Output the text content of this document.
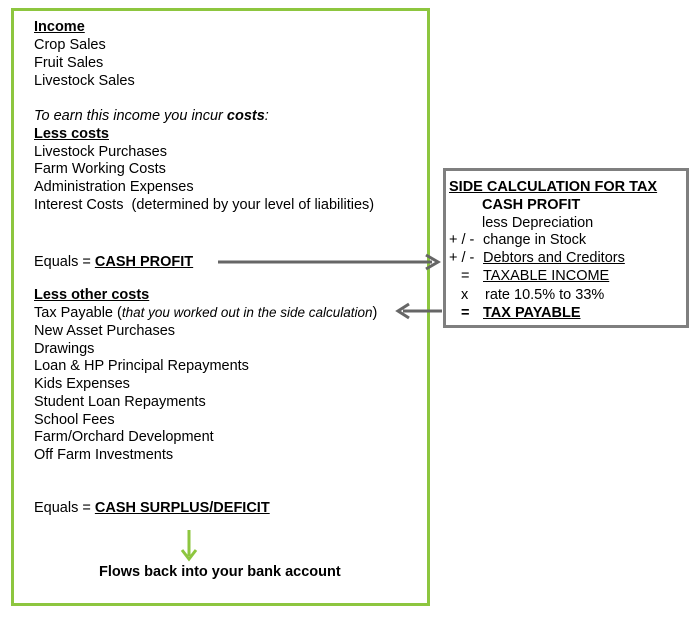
Income
Crop Sales
Fruit Sales
Livestock Sales
To earn this income you incur costs:
Less costs
Livestock Purchases
Farm Working Costs
Administration Expenses
Interest Costs  (determined by your level of liabilities)
Equals = CASH PROFIT
Less other costs
Tax Payable (that you worked out in the side calculation)
New Asset Purchases
Drawings
Loan & HP Principal Repayments
Kids Expenses
Student Loan Repayments
School Fees
Farm/Orchard Development
Off Farm Investments
Equals = CASH SURPLUS/DEFICIT
Flows back into your bank account
SIDE CALCULATION FOR TAX
CASH PROFIT
less Depreciation
+ / - change in Stock
+ / - Debtors and Creditors
= TAXABLE INCOME
x rate 10.5% to 33%
= TAX PAYABLE
